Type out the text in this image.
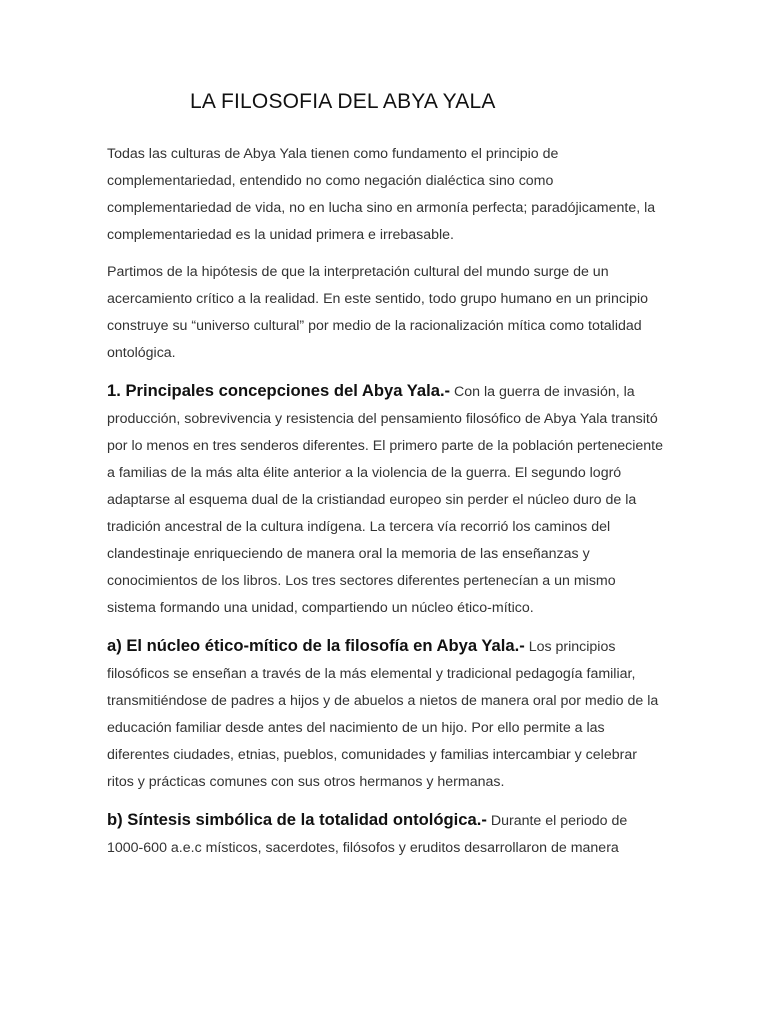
LA FILOSOFIA DEL ABYA YALA

Todas las culturas de Abya Yala tienen como fundamento el principio de complementariedad, entendido no como negación dialéctica sino como complementariedad de vida, no en lucha sino en armonía perfecta; paradójicamente, la complementariedad es la unidad primera e irrebasable.

Partimos de la hipótesis de que la interpretación cultural del mundo surge de un acercamiento crítico a la realidad. En este sentido, todo grupo humano en un principio construye su “universo cultural” por medio de la racionalización mítica como totalidad ontológica.

1. Principales concepciones del Abya Yala.- Con la guerra de invasión, la producción, sobrevivencia y resistencia del pensamiento filosófico de Abya Yala transitó por lo menos en tres senderos diferentes. El primero parte de la población perteneciente a familias de la más alta élite anterior a la violencia de la guerra. El segundo logró adaptarse al esquema dual de la cristiandad europeo sin perder el núcleo duro de la tradición ancestral de la cultura indígena. La tercera vía recorrió los caminos del clandestinaje enriqueciendo de manera oral la memoria de las enseñanzas y conocimientos de los libros. Los tres sectores diferentes pertenecían a un mismo sistema formando una unidad, compartiendo un núcleo ético-mítico.

a) El núcleo ético-mítico de la filosofía en Abya Yala.- Los principios filosóficos se enseñan a través de la más elemental y tradicional pedagogía familiar, transmitiéndose de padres a hijos y de abuelos a nietos de manera oral por medio de la educación familiar desde antes del nacimiento de un hijo. Por ello permite a las diferentes ciudades, etnias, pueblos, comunidades y familias intercambiar y celebrar ritos y prácticas comunes con sus otros hermanos y hermanas.

b) Síntesis simbólica de la totalidad ontológica.- Durante el periodo de 1000-600 a.e.c místicos, sacerdotes, filósofos y eruditos desarrollaron de manera
